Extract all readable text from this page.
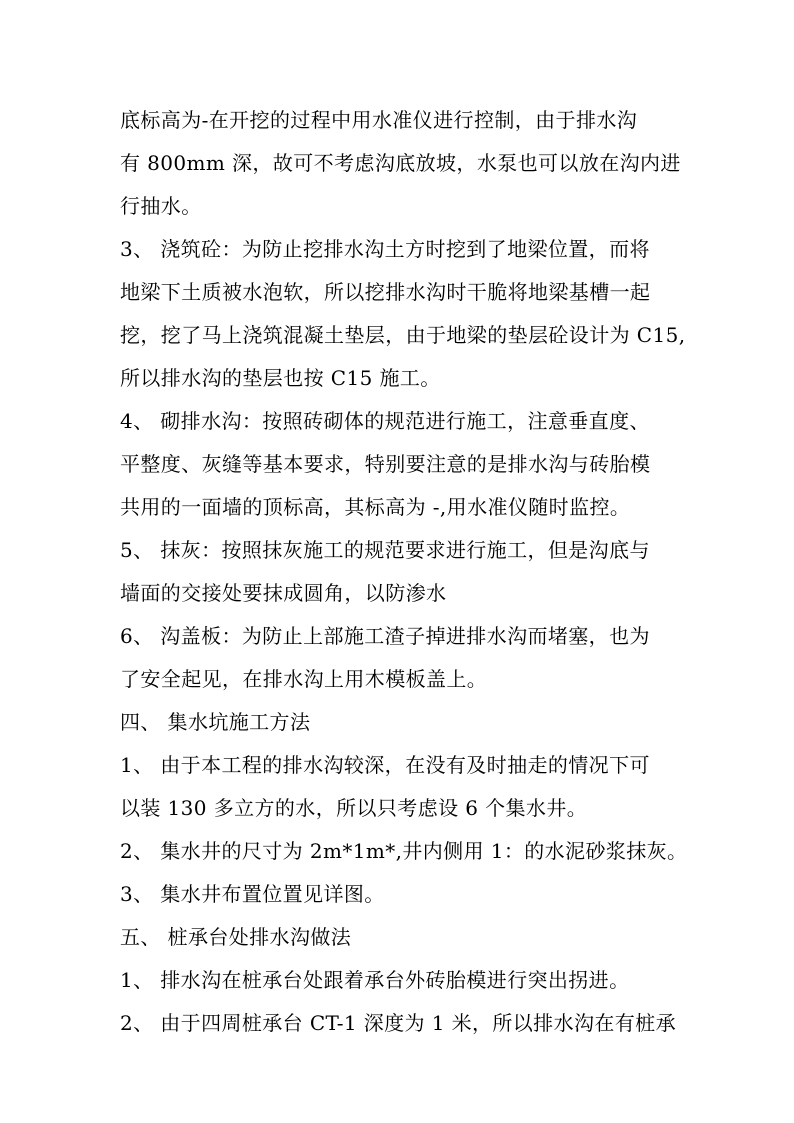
底标高为-在开挖的过程中用水准仪进行控制，由于排水沟
有 800mm 深，故可不考虑沟底放坡，水泵也可以放在沟内进
行抽水。
3、 浇筑砼：为防止挖排水沟土方时挖到了地梁位置，而将
地梁下土质被水泡软，所以挖排水沟时干脆将地梁基槽一起
挖，挖了马上浇筑混凝土垫层，由于地梁的垫层砼设计为 C15,
所以排水沟的垫层也按 C15 施工。
4、 砌排水沟：按照砖砌体的规范进行施工，注意垂直度、
平整度、灰缝等基本要求，特别要注意的是排水沟与砖胎模
共用的一面墙的顶标高，其标高为 -,用水准仪随时监控。
5、 抹灰：按照抹灰施工的规范要求进行施工，但是沟底与
墙面的交接处要抹成圆角，以防渗水
6、 沟盖板：为防止上部施工渣子掉进排水沟而堵塞，也为
了安全起见，在排水沟上用木模板盖上。
四、 集水坑施工方法
1、 由于本工程的排水沟较深，在没有及时抽走的情况下可
以装 130 多立方的水，所以只考虑设 6 个集水井。
2、 集水井的尺寸为 2m*1m*,井内侧用 1：的水泥砂浆抹灰。
3、 集水井布置位置见详图。
五、 桩承台处排水沟做法
1、 排水沟在桩承台处跟着承台外砖胎模进行突出拐进。
2、 由于四周桩承台 CT-1 深度为 1 米，所以排水沟在有桩承
